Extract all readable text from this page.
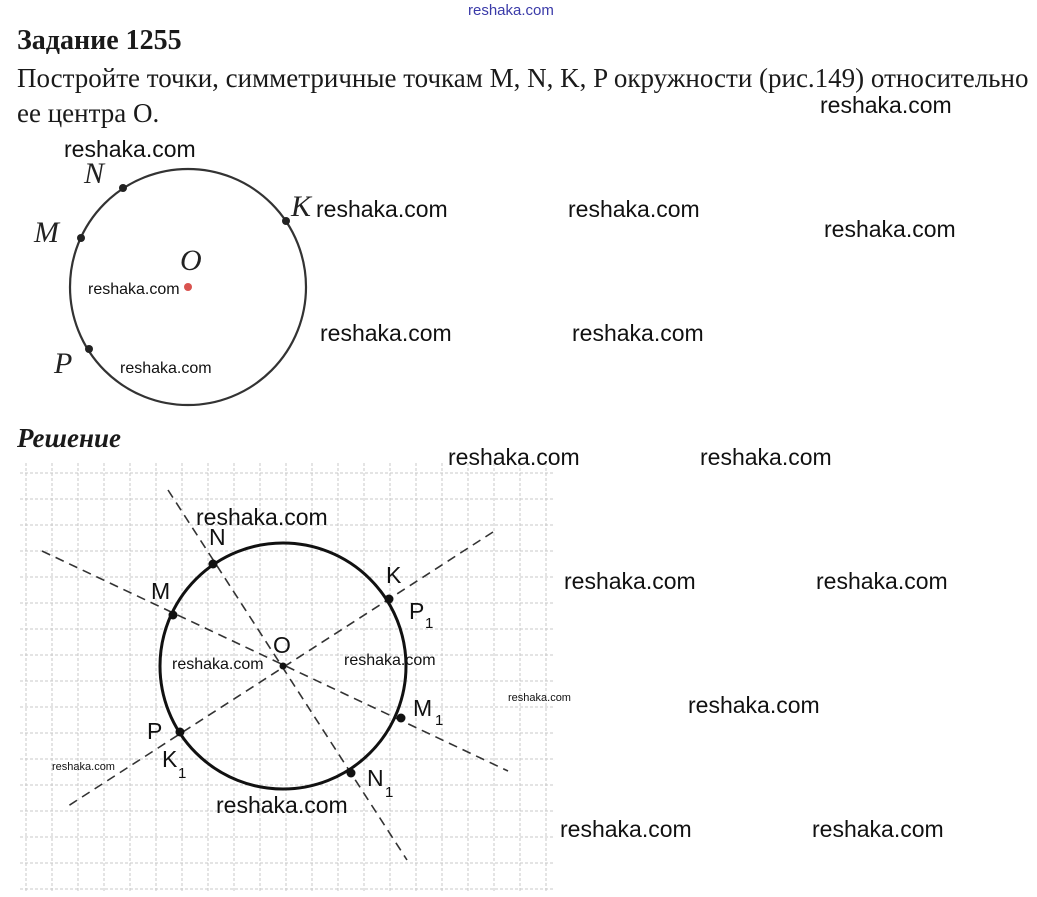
reshaka.com
Задание 1255

Постройте точки, симметричные точкам M, N, K, P окружности (рис.149) относительно ее центра O.

Решение
N
K
M
O
P
N
M
K
O
P
P 1
M 1
K
1	N
1
reshaka.com
reshaka.com
reshaka.com	reshaka.com
reshaka.com
reshaka.com
reshaka.com	reshaka.com
reshaka.com
reshaka.com	reshaka.com
reshaka.com
reshaka.com	reshaka.com
reshaka.com	reshaka.com
reshaka.com	reshaka.com
reshaka.com
reshaka.com
reshaka.com	reshaka.com
